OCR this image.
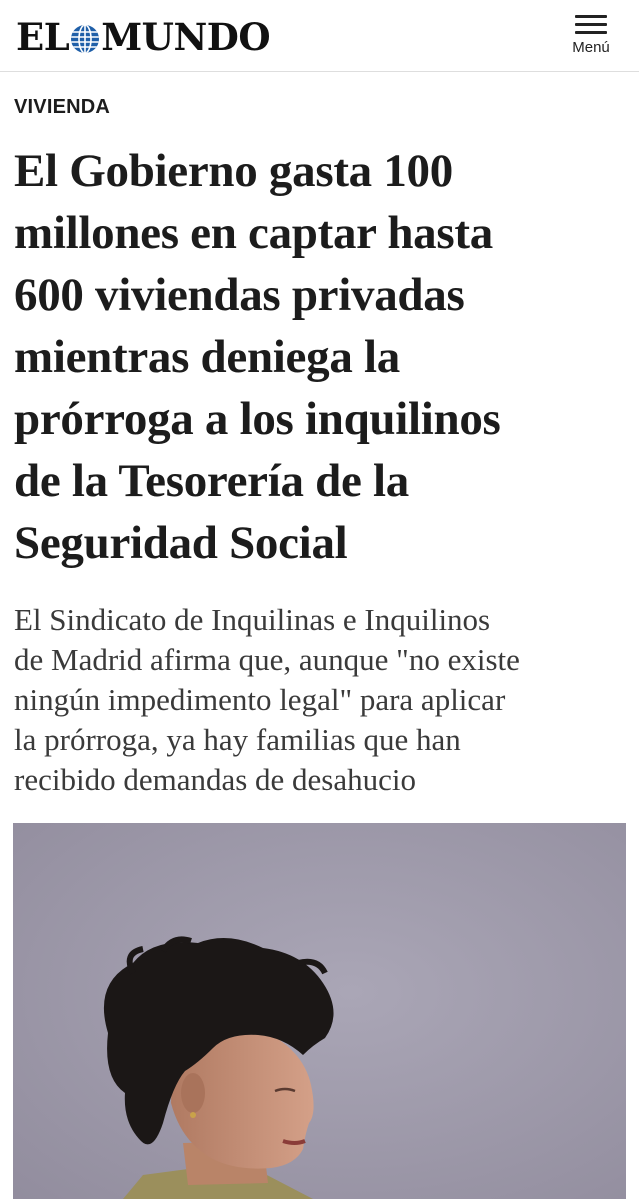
EL MUNDO	Menú
VIVIENDA
El Gobierno gasta 100
millones en captar hasta
600 viviendas privadas
mientras deniega la
prórroga a los inquilinos
de la Tesorería de la
Seguridad Social

El Sindicato de Inquilinas e Inquilinos
de Madrid afirma que, aunque "no existe
ningún impedimento legal" para aplicar
la prórroga, ya hay familias que han
recibido demandas de desahucio
